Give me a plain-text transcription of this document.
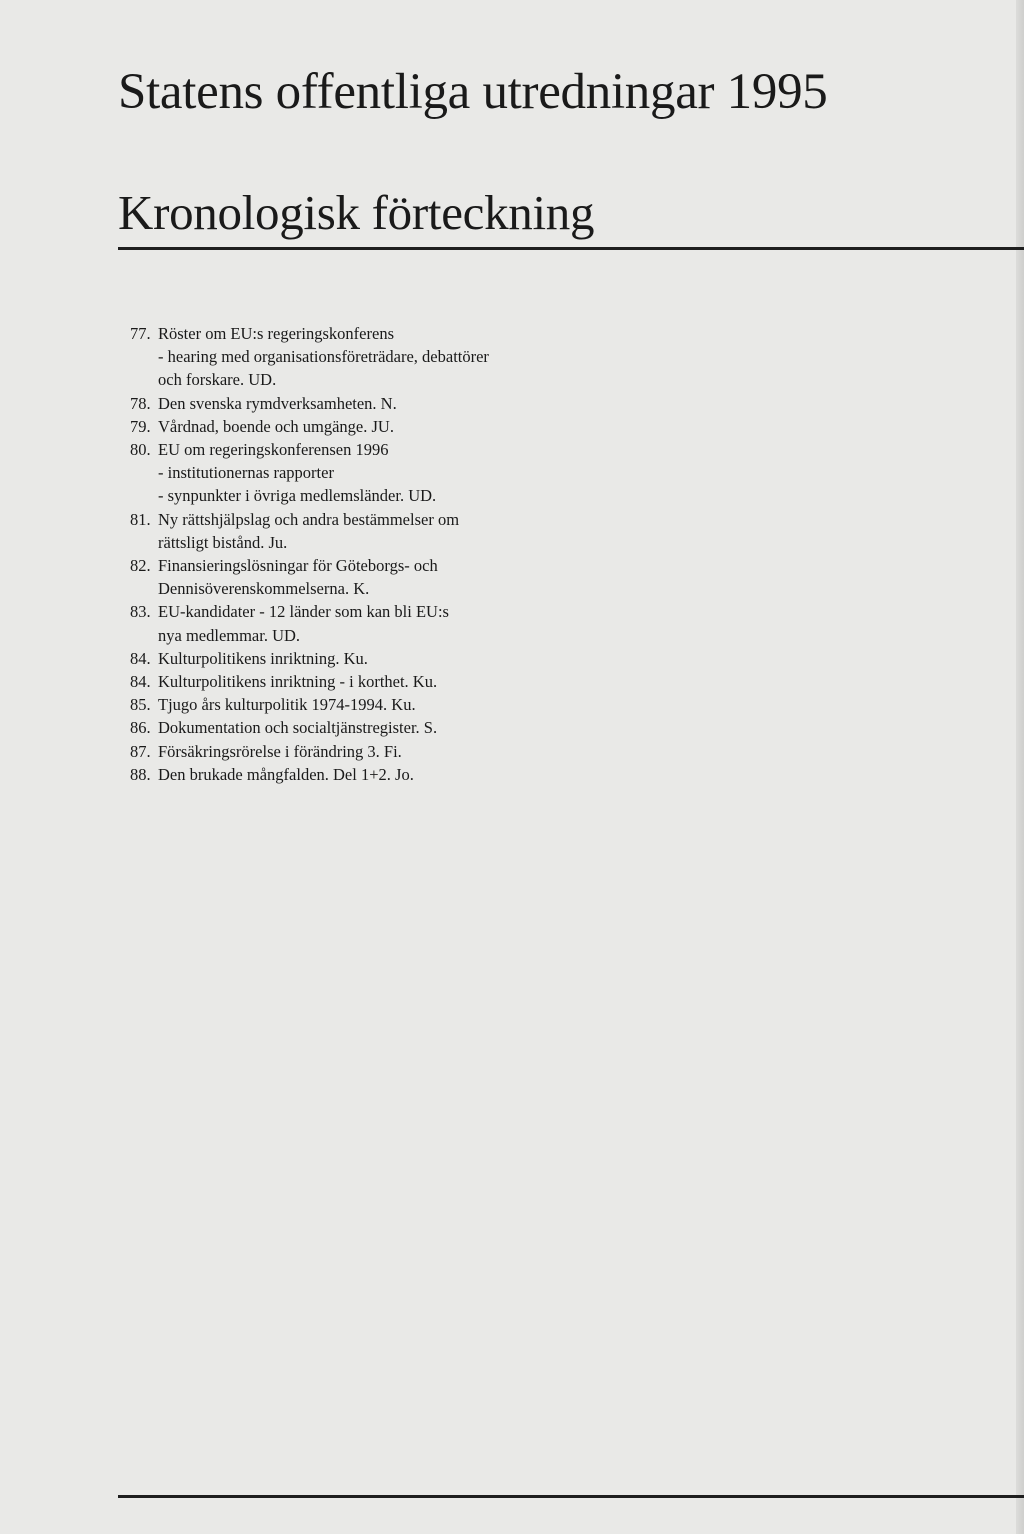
Statens offentliga utredningar 1995
Kronologisk förteckning
77. Röster om EU:s regeringskonferens
- hearing med organisationsföreträdare, debattörer
och forskare. UD.
78. Den svenska rymdverksamheten. N.
79. Vårdnad, boende och umgänge. JU.
80. EU om regeringskonferensen 1996
- institutionernas rapporter
- synpunkter i övriga medlemsländer. UD.
81. Ny rättshjälpslag och andra bestämmelser om
rättsligt bistånd. Ju.
82. Finansieringslösningar för Göteborgs- och
Dennisöverenskommelserna. K.
83. EU-kandidater - 12 länder som kan bli EU:s
nya medlemmar. UD.
84. Kulturpolitikens inriktning. Ku.
84. Kulturpolitikens inriktning - i korthet. Ku.
85. Tjugo års kulturpolitik 1974-1994. Ku.
86. Dokumentation och socialtjänstregister. S.
87. Försäkringsrörelse i förändring 3. Fi.
88. Den brukade mångfalden. Del 1+2. Jo.
